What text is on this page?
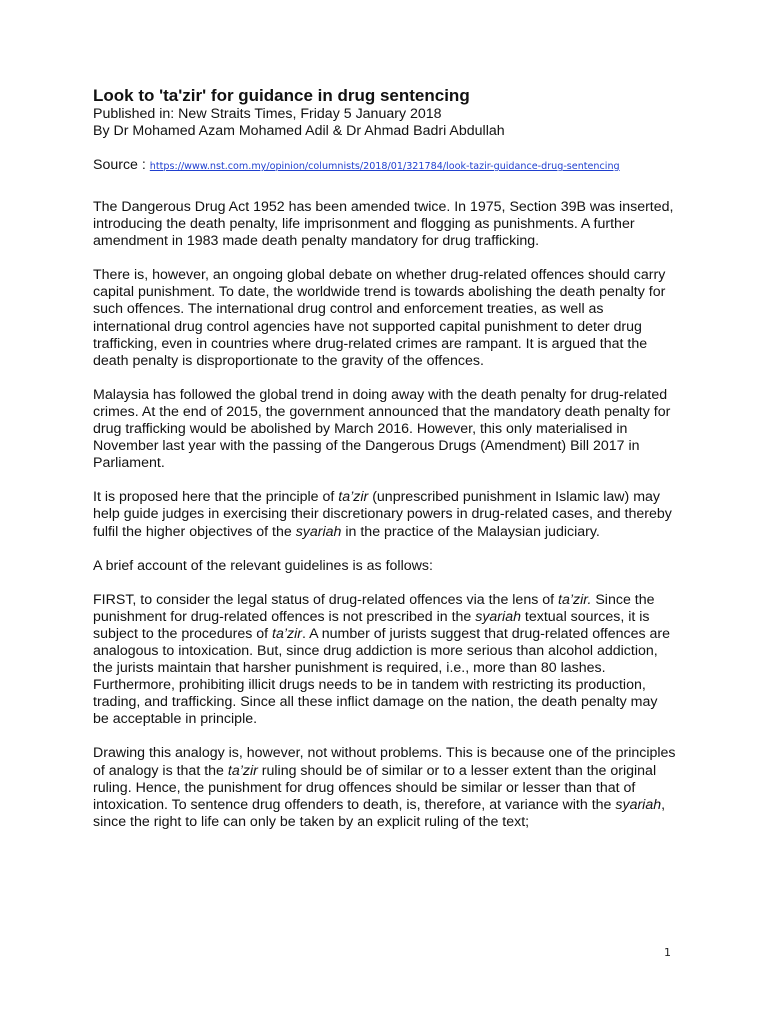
Look to 'ta'zir' for guidance in drug sentencing
Published in: New Straits Times, Friday 5 January 2018
By Dr Mohamed Azam Mohamed Adil & Dr Ahmad Badri Abdullah
Source : https://www.nst.com.my/opinion/columnists/2018/01/321784/look-tazir-guidance-drug-sentencing

The Dangerous Drug Act 1952 has been amended twice. In 1975, Section 39B was inserted, introducing the death penalty, life imprisonment and flogging as punishments. A further amendment in 1983 made death penalty mandatory for drug trafficking.

There is, however, an ongoing global debate on whether drug-related offences should carry capital punishment. To date, the worldwide trend is towards abolishing the death penalty for such offences. The international drug control and enforcement treaties, as well as international drug control agencies have not supported capital punishment to deter drug trafficking, even in countries where drug-related crimes are rampant. It is argued that the death penalty is disproportionate to the gravity of the offences.

Malaysia has followed the global trend in doing away with the death penalty for drug-related crimes. At the end of 2015, the government announced that the mandatory death penalty for drug trafficking would be abolished by March 2016. However, this only materialised in November last year with the passing of the Dangerous Drugs (Amendment) Bill 2017 in Parliament.

It is proposed here that the principle of ta’zir (unprescribed punishment in Islamic law) may help guide judges in exercising their discretionary powers in drug-related cases, and thereby fulfil the higher objectives of the syariah in the practice of the Malaysian judiciary.

A brief account of the relevant guidelines is as follows:

FIRST, to consider the legal status of drug-related offences via the lens of ta’zir. Since the punishment for drug-related offences is not prescribed in the syariah textual sources, it is subject to the procedures of ta’zir. A number of jurists suggest that drug-related offences are analogous to intoxication. But, since drug addiction is more serious than alcohol addiction, the jurists maintain that harsher punishment is required, i.e., more than 80 lashes. Furthermore, prohibiting illicit drugs needs to be in tandem with restricting its production, trading, and trafficking. Since all these inflict damage on the nation, the death penalty may be acceptable in principle.

Drawing this analogy is, however, not without problems. This is because one of the principles of analogy is that the ta’zir ruling should be of similar or to a lesser extent than the original ruling. Hence, the punishment for drug offences should be similar or lesser than that of intoxication. To sentence drug offenders to death, is, therefore, at variance with the syariah, since the right to life can only be taken by an explicit ruling of the text;

1
